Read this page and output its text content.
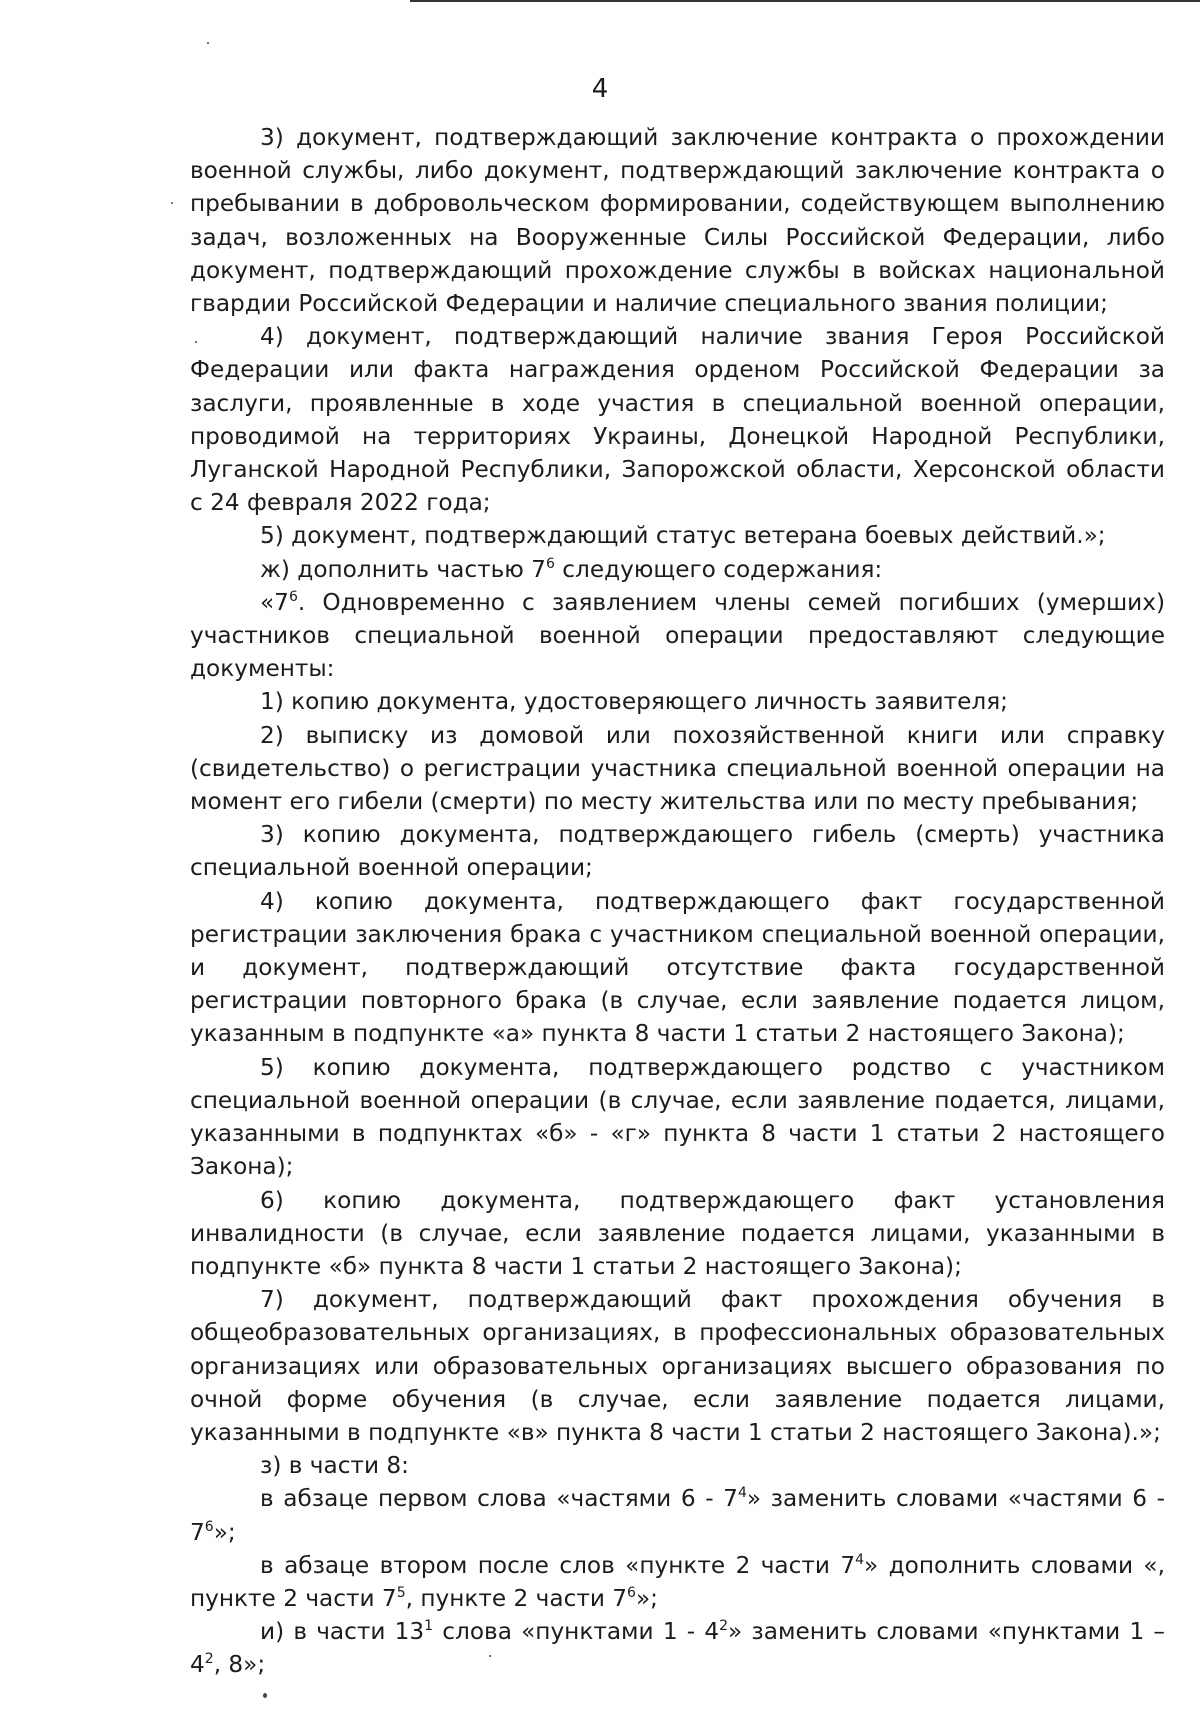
4

3) документ, подтверждающий заключение контракта о прохождении военной службы, либо документ, подтверждающий заключение контракта о пребывании в добровольческом формировании, содействующем выполнению задач, возложенных на Вооруженные Силы Российской Федерации, либо документ, подтверждающий прохождение службы в войсках национальной гвардии Российской Федерации и наличие специального звания полиции;

4) документ, подтверждающий наличие звания Героя Российской Федерации или факта награждения орденом Российской Федерации за заслуги, проявленные в ходе участия в специальной военной операции, проводимой на территориях Украины, Донецкой Народной Республики, Луганской Народной Республики, Запорожской области, Херсонской области с 24 февраля 2022 года;

5) документ, подтверждающий статус ветерана боевых действий.»;

ж) дополнить частью $7^6$ следующего содержания:

«$7^6$. Одновременно с заявлением члены семей погибших (умерших) участников специальной военной операции предоставляют следующие документы:

1) копию документа, удостоверяющего личность заявителя;

2) выписку из домовой или похозяйственной книги или справку (свидетельство) о регистрации участника специальной военной операции на момент его гибели (смерти) по месту жительства или по месту пребывания;

3) копию документа, подтверждающего гибель (смерть) участника специальной военной операции;

4) копию документа, подтверждающего факт государственной регистрации заключения брака с участником специальной военной операции, и документ, подтверждающий отсутствие факта государственной регистрации повторного брака (в случае, если заявление подается лицом, указанным в подпункте «а» пункта 8 части 1 статьи 2 настоящего Закона);

5) копию документа, подтверждающего родство с участником специальной военной операции (в случае, если заявление подается, лицами, указанными в подпунктах «б» - «г» пункта 8 части 1 статьи 2 настоящего Закона);

6) копию документа, подтверждающего факт установления инвалидности (в случае, если заявление подается лицами, указанными в подпункте «б» пункта 8 части 1 статьи 2 настоящего Закона);

7) документ, подтверждающий факт прохождения обучения в общеобразовательных организациях, в профессиональных образовательных организациях или образовательных организациях высшего образования по очной форме обучения (в случае, если заявление подается лицами, указанными в подпункте «в» пункта 8 части 1 статьи 2 настоящего Закона).»;

з) в части 8:

в абзаце первом слова «частями $6 - 7^4$» заменить словами «частями $6 - 7^6$»;

в абзаце втором после слов «пункте 2 части $7^4$» дополнить словами «, пункте 2 части $7^5$, пункте 2 части $7^6$»;

и) в части $13^1$ слова «пунктами $1 - 4^2$» заменить словами «пунктами $1 - 4^2$, 8»;
